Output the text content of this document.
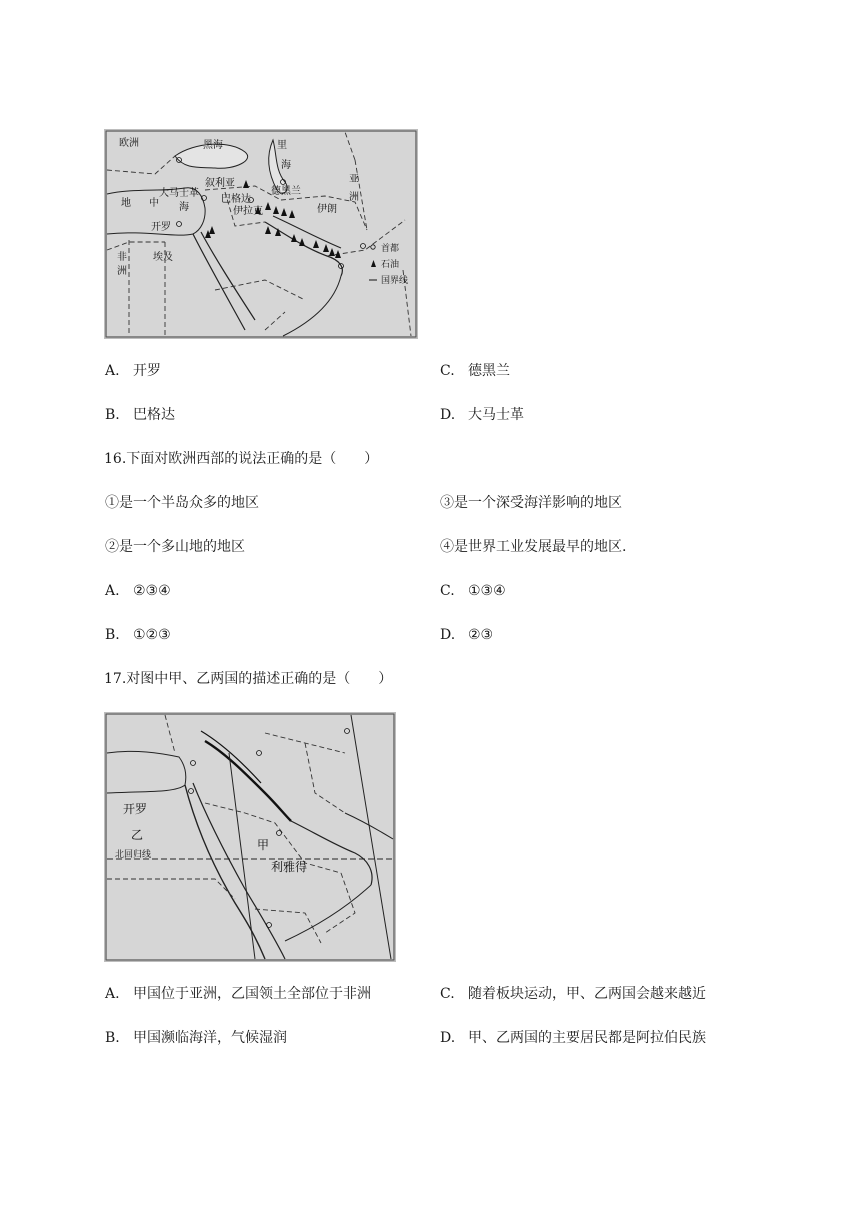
欧洲	黑海	里
海
亚
洲
大马士革
叙利亚
巴格达
德黑兰
伊拉克	伊朗
地 中 海
开罗
非
洲
埃及
首都
石油
国界线
A. 开罗	C. 德黑兰
B. 巴格达	D. 大马士革
16.下面对欧洲西部的说法正确的是（　　）
①是一个半岛众多的地区	③是一个深受海洋影响的地区
②是一个多山地的地区	④是世界工业发展最早的地区.
A. ②③④	C. ①③④
B. ①②③	D. ②③
17.对图中甲、乙两国的描述正确的是（　　）
开罗
乙
北回归线
甲
利雅得
A. 甲国位于亚洲，乙国领土全部位于非洲	C. 随着板块运动，甲、乙两国会越来越近
B. 甲国濒临海洋，气候湿润	D. 甲、乙两国的主要居民都是阿拉伯民族
